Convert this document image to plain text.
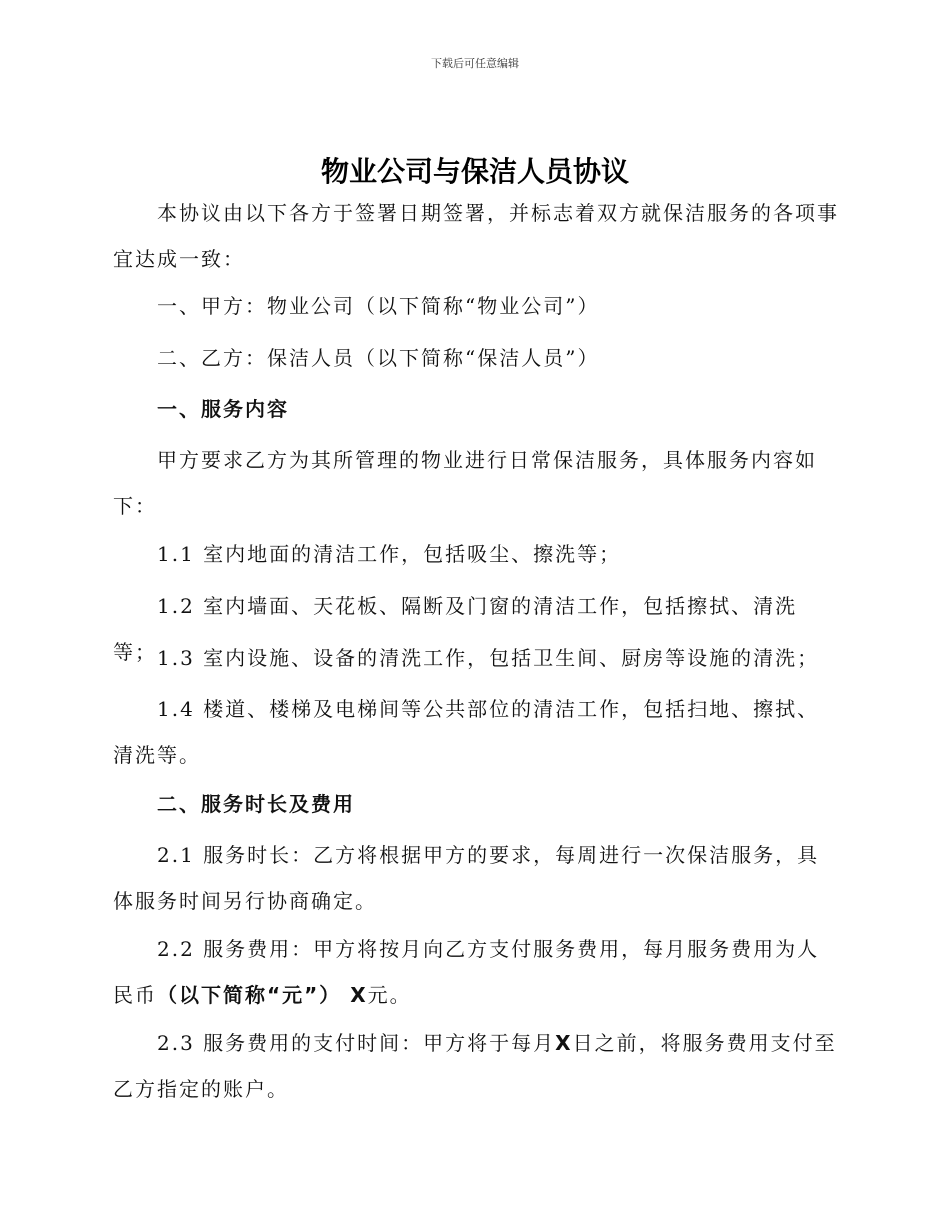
下载后可任意编辑
物业公司与保洁人员协议

本协议由以下各方于签署日期签署，并标志着双方就保洁服务的各项事宜达成一致：

一、甲方：物业公司（以下简称“物业公司”）

二、乙方：保洁人员（以下简称“保洁人员”）

一、服务内容

甲方要求乙方为其所管理的物业进行日常保洁服务，具体服务内容如下：

1.1 室内地面的清洁工作，包括吸尘、擦洗等；

1.2 室内墙面、天花板、隔断及门窗的清洁工作，包括擦拭、清洗等； 1.3 室内设施、设备的清洗工作，包括卫生间、厨房等设施的清洗；

1.4 楼道、楼梯及电梯间等公共部位的清洁工作，包括扫地、擦拭、清洗等。

二、服务时长及费用

2.1 服务时长：乙方将根据甲方的要求，每周进行一次保洁服务，具体服务时间另行协商确定。

2.2 服务费用：甲方将按月向乙方支付服务费用，每月服务费用为人民币（以下简称“元”） X元。

2.3 服务费用的支付时间：甲方将于每月X日之前，将服务费用支付至乙方指定的账户。
